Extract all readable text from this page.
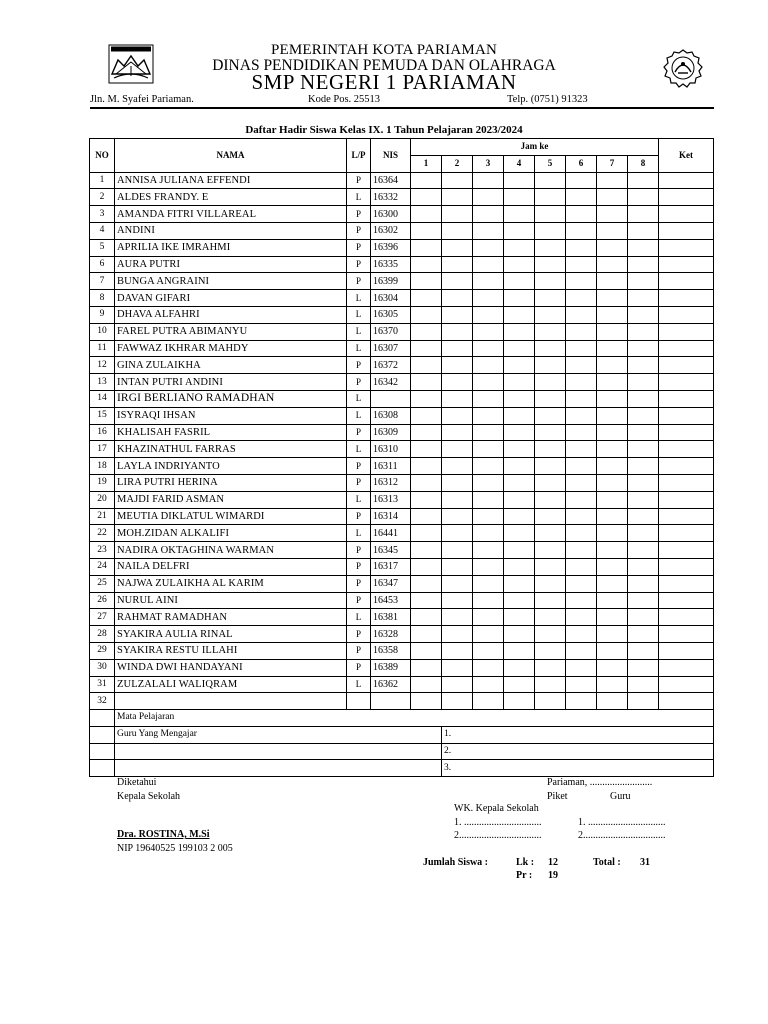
PEMERINTAH KOTA PARIAMAN
DINAS PENDIDIKAN PEMUDA DAN OLAHRAGA
SMP NEGERI 1 PARIAMAN
Jln. M. Syafei Pariaman.	Kode Pos. 25513	Telp. (0751) 91323
Daftar Hadir Siswa Kelas IX. 1 Tahun Pelajaran 2023/2024
NO	NAMA	L/P	NIS	Jam ke								Ket
				1	2	3	4	5	6	7	8	
1	ANNISA JULIANA EFFENDI	P	16364									
2	ALDES FRANDY. E	L	16332									
3	AMANDA FITRI VILLAREAL	P	16300									
4	ANDINI	P	16302									
5	APRILIA IKE IMRAHMI	P	16396									
6	AURA PUTRI	P	16335									
7	BUNGA ANGRAINI	P	16399									
8	DAVAN GIFARI	L	16304									
9	DHAVA ALFAHRI	L	16305									
10	FAREL PUTRA ABIMANYU	L	16370									
11	FAWWAZ IKHRAR MAHDY	L	16307									
12	GINA ZULAIKHA	P	16372									
13	INTAN PUTRI ANDINI	P	16342									
14	IRGI BERLIANO RAMADHAN	L										
15	ISYRAQI IHSAN	L	16308									
16	KHALISAH FASRIL	P	16309									
17	KHAZINATHUL FARRAS	L	16310									
18	LAYLA INDRIYANTO	P	16311									
19	LIRA PUTRI HERINA	P	16312									
20	MAJDI FARID ASMAN	L	16313									
21	MEUTIA DIKLATUL WIMARDI	P	16314									
22	MOH.ZIDAN ALKALIFI	L	16441									
23	NADIRA OKTAGHINA WARMAN	P	16345									
24	NAILA DELFRI	P	16317									
25	NAJWA ZULAIKHA AL KARIM	P	16347									
26	NURUL AINI	P	16453									
27	RAHMAT RAMADHAN	L	16381									
28	SYAKIRA AULIA RINAL	P	16328									
29	SYAKIRA RESTU ILLAHI	P	16358									
30	WINDA DWI HANDAYANI	P	16389									
31	ZULZALALI WALIQRAM	L	16362									
32												
	Mata Pelajaran											
	Guru Yang Mengajar				1.							
					2.							
					3.							
Diketahui
Kepala Sekolah
Dra. ROSTINA, M.Si
NIP 19640525 199103 2 005
Pariaman, .........................
Piket	Guru
WK. Kepala Sekolah
1. ...............................	1. ...............................
2.................................	2.................................
Jumlah Siswa :	Lk : 12	Total : 31
Pr : 19
